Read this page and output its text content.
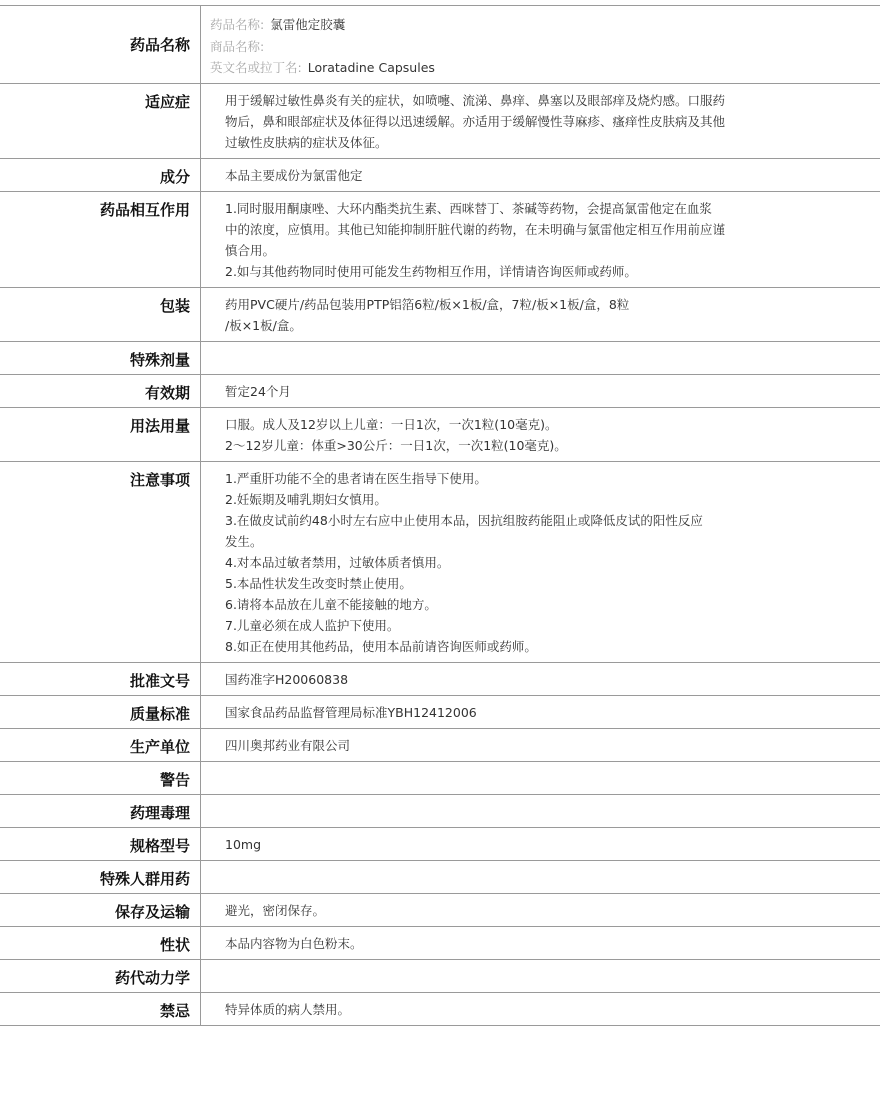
药品名称
药品名称: 氯雷他定胶囊
商品名称:
英文名或拉丁名: Loratadine Capsules
适应症	用于缓解过敏性鼻炎有关的症状，如喷嚏、流涕、鼻痒、鼻塞以及眼部痒及烧灼感。口服药
物后，鼻和眼部症状及体征得以迅速缓解。亦适用于缓解慢性荨麻疹、瘙痒性皮肤病及其他
过敏性皮肤病的症状及体征。
成分	本品主要成份为氯雷他定
药品相互作用	1.同时服用酮康唑、大环内酯类抗生素、西咪替丁、茶碱等药物，会提高氯雷他定在血浆
中的浓度，应慎用。其他已知能抑制肝脏代谢的药物，在未明确与氯雷他定相互作用前应谨
慎合用。
2.如与其他药物同时使用可能发生药物相互作用，详情请咨询医师或药师。
包装	药用PVC硬片/药品包装用PTP铝箔6粒/板×1板/盒，7粒/板×1板/盒，8粒
/板×1板/盒。
特殊剂量
有效期	暂定24个月
用法用量	口服。成人及12岁以上儿童：一日1次，一次1粒(10毫克)。
2～12岁儿童：体重>30公斤：一日1次，一次1粒(10毫克)。
注意事项	1.严重肝功能不全的患者请在医生指导下使用。
2.妊娠期及哺乳期妇女慎用。
3.在做皮试前约48小时左右应中止使用本品，因抗组胺药能阻止或降低皮试的阳性反应
发生。
4.对本品过敏者禁用，过敏体质者慎用。
5.本品性状发生改变时禁止使用。
6.请将本品放在儿童不能接触的地方。
7.儿童必须在成人监护下使用。
8.如正在使用其他药品，使用本品前请咨询医师或药师。
批准文号	国药准字H20060838
质量标准	国家食品药品监督管理局标准YBH12412006
生产单位	四川奥邦药业有限公司
警告
药理毒理
规格型号	10mg
特殊人群用药
保存及运输	避光，密闭保存。
性状	本品内容物为白色粉末。
药代动力学
禁忌	特异体质的病人禁用。
